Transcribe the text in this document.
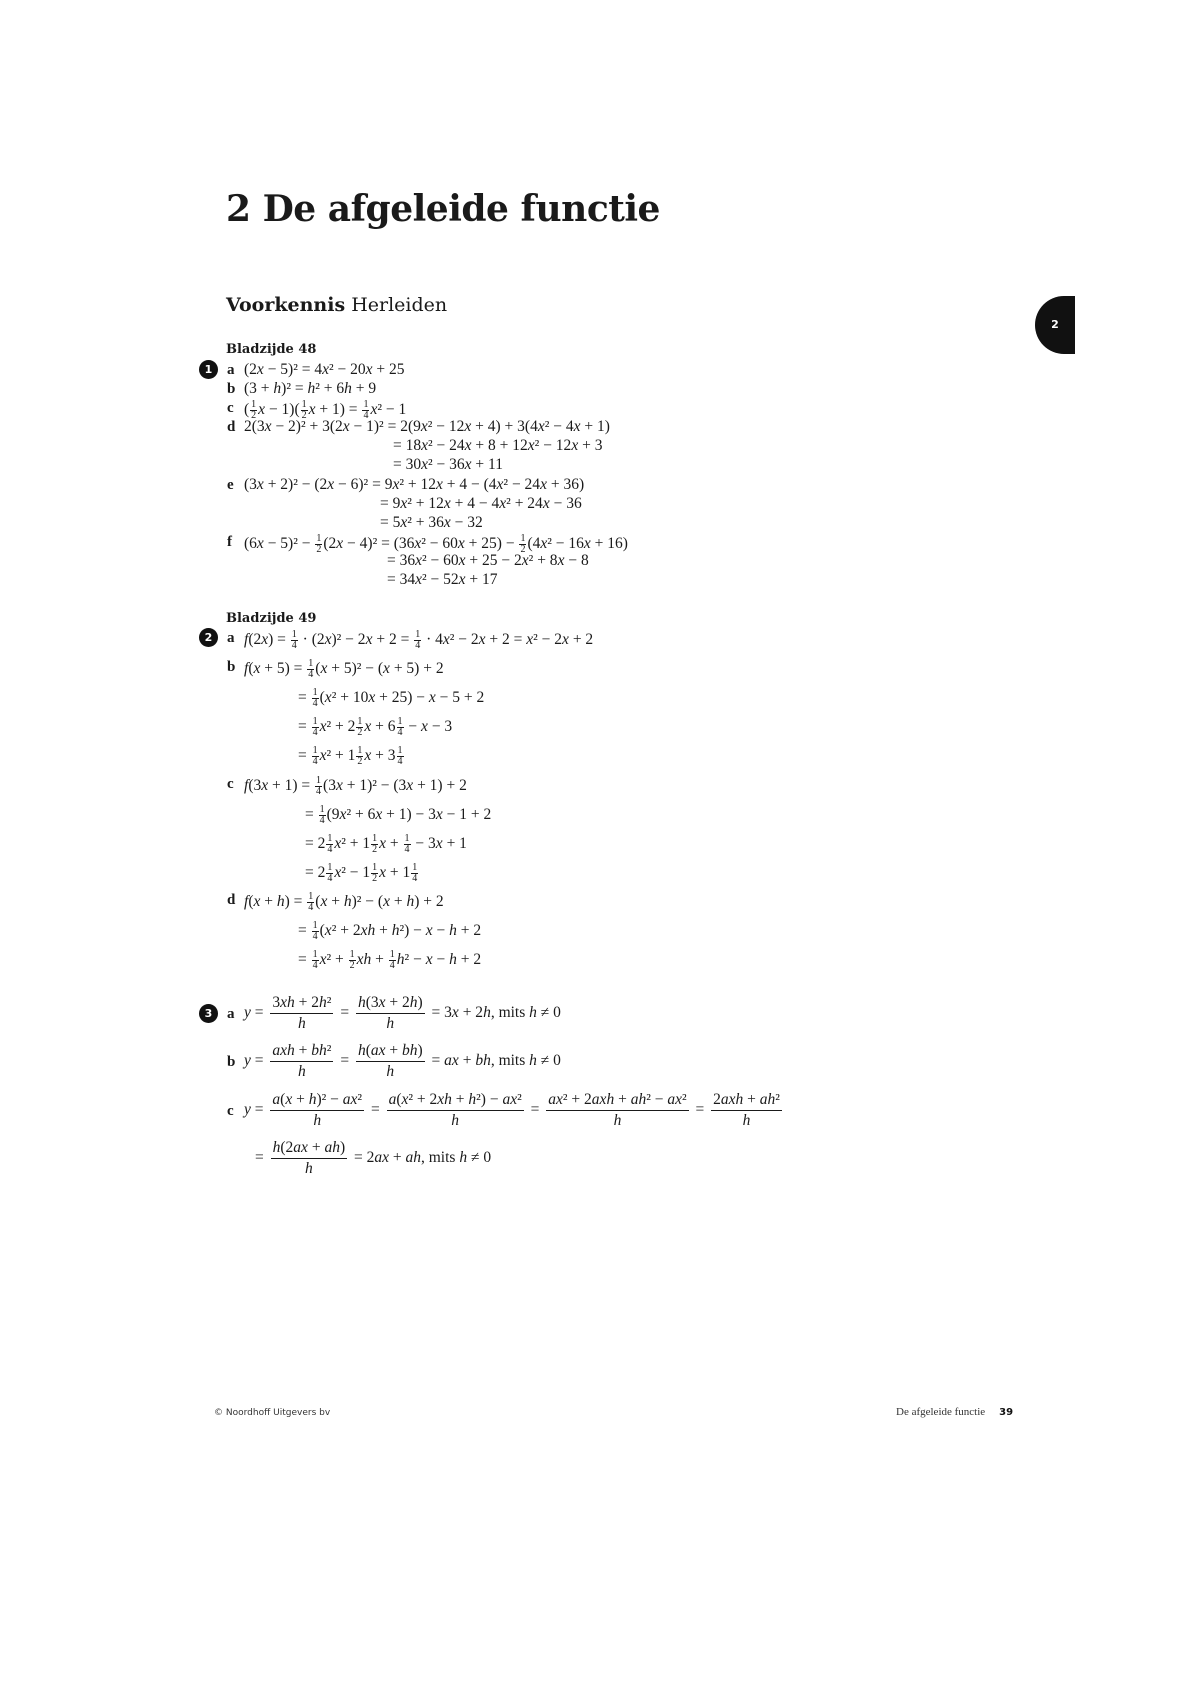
2 De afgeleide functie
Voorkennis Herleiden
2
Bladzijde 48
1 a (2x − 5)² = 4x² − 20x + 25
b (3 + h)² = h² + 6h + 9
c ( $\frac{1}{2}$ $x - 1)( \frac{1}{2}$ $x + 1) = \frac{1}{4} x^2 - 1$
d 2(3x − 2)² + 3(2x − 1)² = 2(9x² − 12x + 4) + 3(4x² − 4x + 1)
= 18x² − 24x + 8 + 12x² − 12x + 3
= 30x² − 36x + 11
e (3x + 2)² − (2x − 6)² = 9x² + 12x + 4 − (4x² − 24x + 36)
= 9x² + 12x + 4 − 4x² + 24x − 36
= 5x² + 36x − 32
f $(6x - 5)^2 - \frac{1}{2} (2x - 4)^2 = (36x^2 - 60x + 25) - \frac{1}{2} (4x^2 - 16x + 16)$
= 36x² − 60x + 25 − 2x² + 8x − 8
= 34x² − 52x + 17
Bladzijde 49
2 a $f(2x) = \frac{1}{4} \cdot (2x)^2 - 2x + 2 = \frac{1}{4} \cdot 4x^2 - 2x + 2 = x^2 - 2x + 2$
b $f(x + 5) = \frac{1}{4} (x + 5)^2 - (x + 5) + 2$
= $\frac{1}{4} (x^2 + 10x + 25) - x - 5 + 2$
= $\frac{1}{4} x^2 + 2 \frac{1}{2}$ $x + 6 \frac{1}{4} - x - 3$
= $\frac{1}{4} x^2 + 1 \frac{1}{2}$ $x + 3 \frac{1}{4}$
c $f(3x + 1) = \frac{1}{4} (3x + 1)^2 - (3x + 1) + 2$
= $\frac{1}{4} (9x^2 + 6x + 1) - 3x - 1 + 2$
= $2 \frac{1}{4} x^2 + 1 \frac{1}{2}$ $x + \frac{1}{4} - 3x + 1$
= $2 \frac{1}{4} x^2 - 1 \frac{1}{2}$ $x + 1 \frac{1}{4}$
d $f(x + h) = \frac{1}{4} (x + h)^2 - (x + h) + 2$
= $\frac{1}{4} (x^2 + 2xh + h^2) - x - h + 2$
= $\frac{1}{4} x^2 + \frac{1}{2}$ xh + $\frac{1}{4} h^2 - x - h + 2$
3 a $y = \frac{\text{3xh + 2h²}}{h} = \frac{h(3x + 2h)}{h} = 3x + 2h$, mits h ≠ 0
b y =
axh + bh²
h
= $\frac{h(ax + bh)}{h}$ = ax + bh, mits h ≠ 0
c $y = \frac{\text{a(x + h)² − ax²}}{h} = \frac{\text{a(x² + 2xh + h²) − ax²}}{h}$ =
ax² + 2axh + ah² − ax²
h
=
2axh + ah²
h
= $\frac{h(2ax + ah)}{h} = 2ax$ + ah, mits h ≠ 0
© Noordhoff Uitgevers bv	De afgeleide functie 39
